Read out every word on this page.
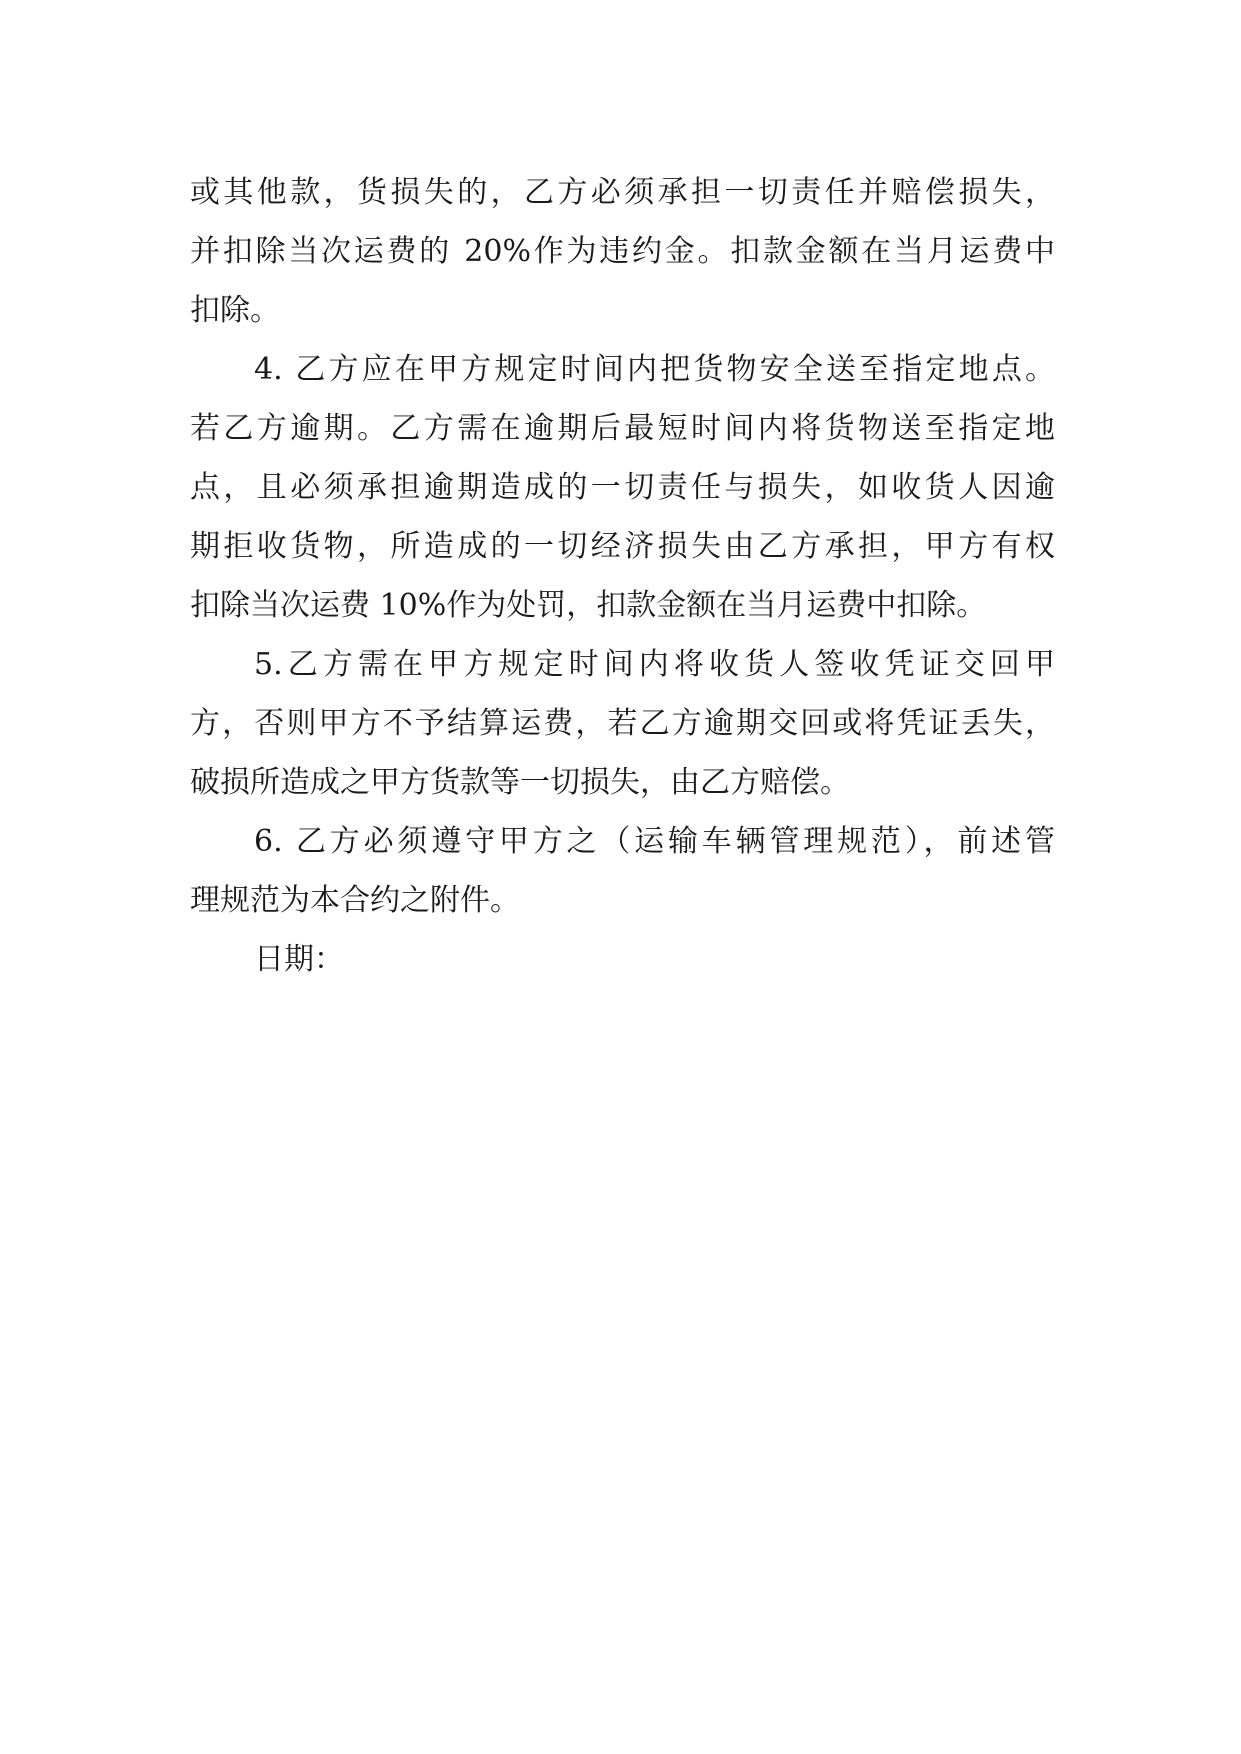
或其他款，货损失的，乙方必须承担一切责任并赔偿损失，
并扣除当次运费的 20%作为违约金。扣款金额在当月运费中
扣除。
4. 乙方应在甲方规定时间内把货物安全送至指定地点。
若乙方逾期。乙方需在逾期后最短时间内将货物送至指定地
点，且必须承担逾期造成的一切责任与损失，如收货人因逾
期拒收货物，所造成的一切经济损失由乙方承担，甲方有权
扣除当次运费 10%作为处罚，扣款金额在当月运费中扣除。
5.乙方需在甲方规定时间内将收货人签收凭证交回甲
方，否则甲方不予结算运费，若乙方逾期交回或将凭证丢失，
破损所造成之甲方货款等一切损失，由乙方赔偿。
6. 乙方必须遵守甲方之（运输车辆管理规范），前述管
理规范为本合约之附件。
日期：
